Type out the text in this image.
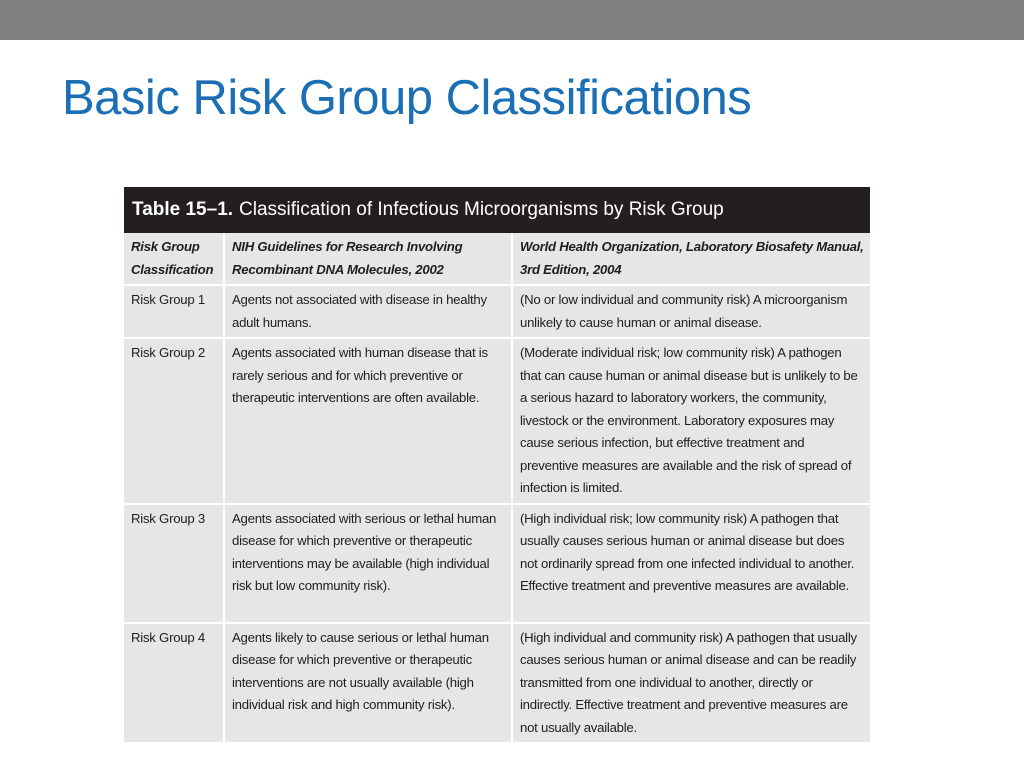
Basic Risk Group Classifications
Table 15–1. Classification of Infectious Microorganisms by Risk Group
Risk Group Classification	NIH Guidelines for Research Involving Recombinant DNA Molecules, 2002	World Health Organization, Laboratory Biosafety Manual, 3rd Edition, 2004
Risk Group 1	Agents not associated with disease in healthy adult humans.	(No or low individual and community risk) A microorganism unlikely to cause human or animal disease.
Risk Group 2	Agents associated with human disease that is rarely serious and for which preventive or therapeutic interventions are often available.	(Moderate individual risk; low community risk) A pathogen that can cause human or animal disease but is unlikely to be a serious hazard to laboratory workers, the community, livestock or the environment. Laboratory exposures may cause serious infection, but effective treatment and preventive measures are available and the risk of spread of infection is limited.
Risk Group 3	Agents associated with serious or lethal human disease for which preventive or therapeutic interventions may be available (high individual risk but low community risk).	(High individual risk; low community risk) A pathogen that usually causes serious human or animal disease but does not ordinarily spread from one infected individual to another. Effective treatment and preventive measures are available.
Risk Group 4	Agents likely to cause serious or lethal human disease for which preventive or therapeutic interventions are not usually available (high individual risk and high community risk).	(High individual and community risk) A pathogen that usually causes serious human or animal disease and can be readily transmitted from one individual to another, directly or indirectly. Effective treatment and preventive measures are not usually available.
